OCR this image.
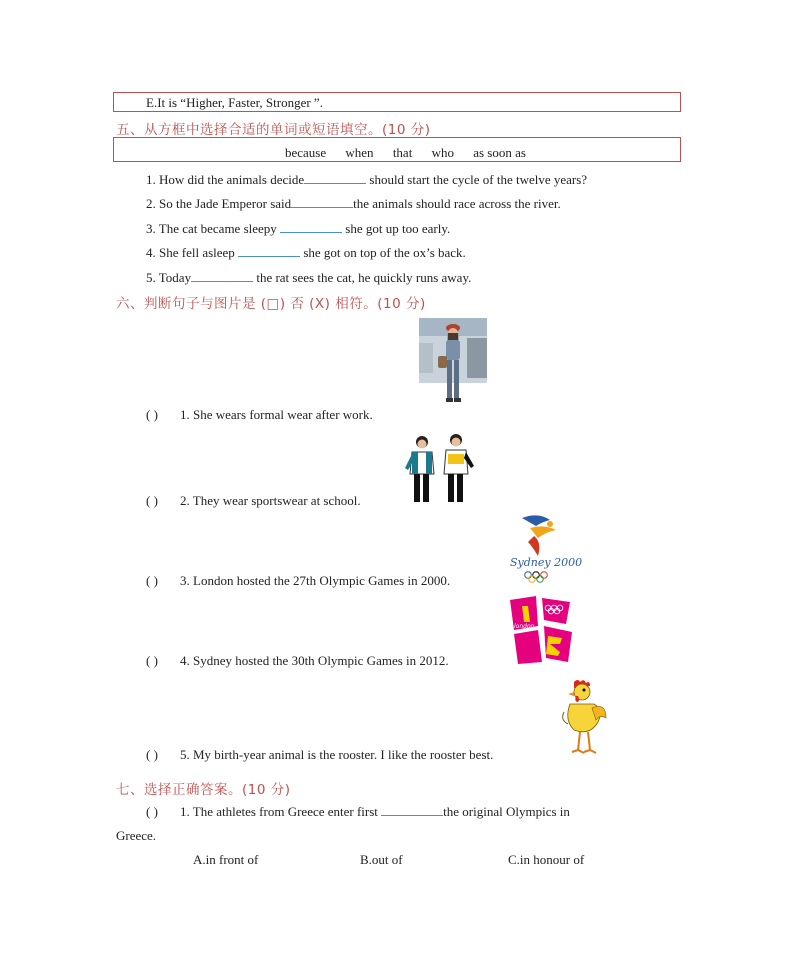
E.It is “Higher, Faster, Stronger ”.
五、从方框中选择合适的单词或短语填空。(10 分)
because when that who as soon as
1. How did the animals decide	should start the cycle of the twelve years?
2. So the Jade Emperor said	the animals should race across the river.
3. The cat became sleepy	she got up too early.
4. She fell asleep	she got on top of the ox’s back.
5. Today	the rat sees the cat, he quickly runs away.
六、判断句子与图片是 (□) 否 (X) 相符。(10 分)
( ) 1. She wears formal wear after work.
( ) 2. They wear sportswear at school.
Sydney 2000
( ) 3. London hosted the 27th Olympic Games in 2000.
london
( ) 4. Sydney hosted the 30th Olympic Games in 2012.
( ) 5. My birth-year animal is the rooster. I like the rooster best.
七、选择正确答案。(10 分)
( ) 1. The athletes from Greece enter first	the original Olympics in
Greece.
A.in front of	B.out of	C.in honour of
